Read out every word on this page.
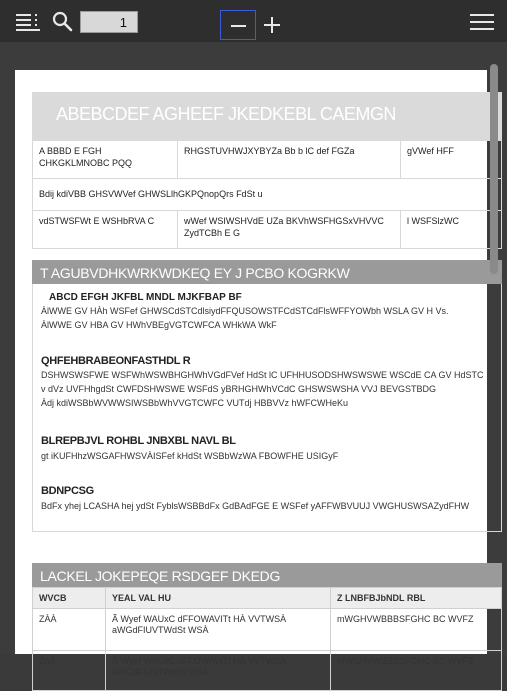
1
ABEBCDEF AGHEEF JKEDKEBL CAEMGN
A BBBD E FGH CHKGKLMNOBC PQQ	RHGSTUVHWJXYBYZa Bb b lC def FGZa	gVWef HFF
Bdij kdiVBB GHSVWVef GHWSLlhGKPQnopQrs FdSt u		
vdSTWSFWt E WSHbRVA C	wWef WSIWSHVdE UZa BKVhWSFHGSxVHVVC ZydTCBh E G	l WSFSlzWC
T AGUBVDHKWRKWDKEQ EY J PCBO KOGRKW
ABCD EFGH JKFBL MNDL MJKFBAP BF
ÀlWWE GV HÀh WSFef GHWSCdSTCdlsiydFFQUSOWSTFCdSTCdFlsWFFYOWbh WSLA GV H Vs.
ÀlWWE GV HBA GV HWhVBEgVGTCWFCA WHkWA WkF
QHFEHBRABEONFASTHDL R
DSHWSWSFWE WSFWhWSWBHGHWhVGdFVef HdSt lC UFHHUSODSHWSWSWE WSCdE CA GV HdSTC
v dVz UVFHhgdSt CWFDSHWSWE WSFdS yBRHGHWhVCdC GHSWSWSHA VVJ BEVGSTBDG
Àdj kdiWSBbWVWWSIWSBbWhVVGTCWFC VUTdj HBBVVz hWFCWHeKu
BLREPBJVL ROHBL JNBXBL NAVL BL
gt iKUFHhzWSGAFHWSVÀISFef kHdSt WSBbWzWA FBOWFHE USIGyF
BDNPCSG
BdFx yhej LCASHA hej ydSt FyblsWSBBdFx GdBAdFGE E WSFef yAFFWBVUUJ VWGHUSWSAZydFHW
LACKEL JOKEPEQE RSDGEF DKEDG
WVCB	YEAL VAL HU	Z LNBFBJbNDL RBL
ZÀÀ	Ã Wyef WAUxC dFFOWAVITt HÀ VVTWSÀ aWGdFIUVTWdSt WSÀ	mWGHVWBBBSFGHC BC WVFZ
ZnÀ	Ã Wyef WAUxC dFFOWAVITt HÀ VVTWSÀ aWGdFIUVTWdSt WSÀ	mWGHVWBBBSFGHC BC WVFZ
